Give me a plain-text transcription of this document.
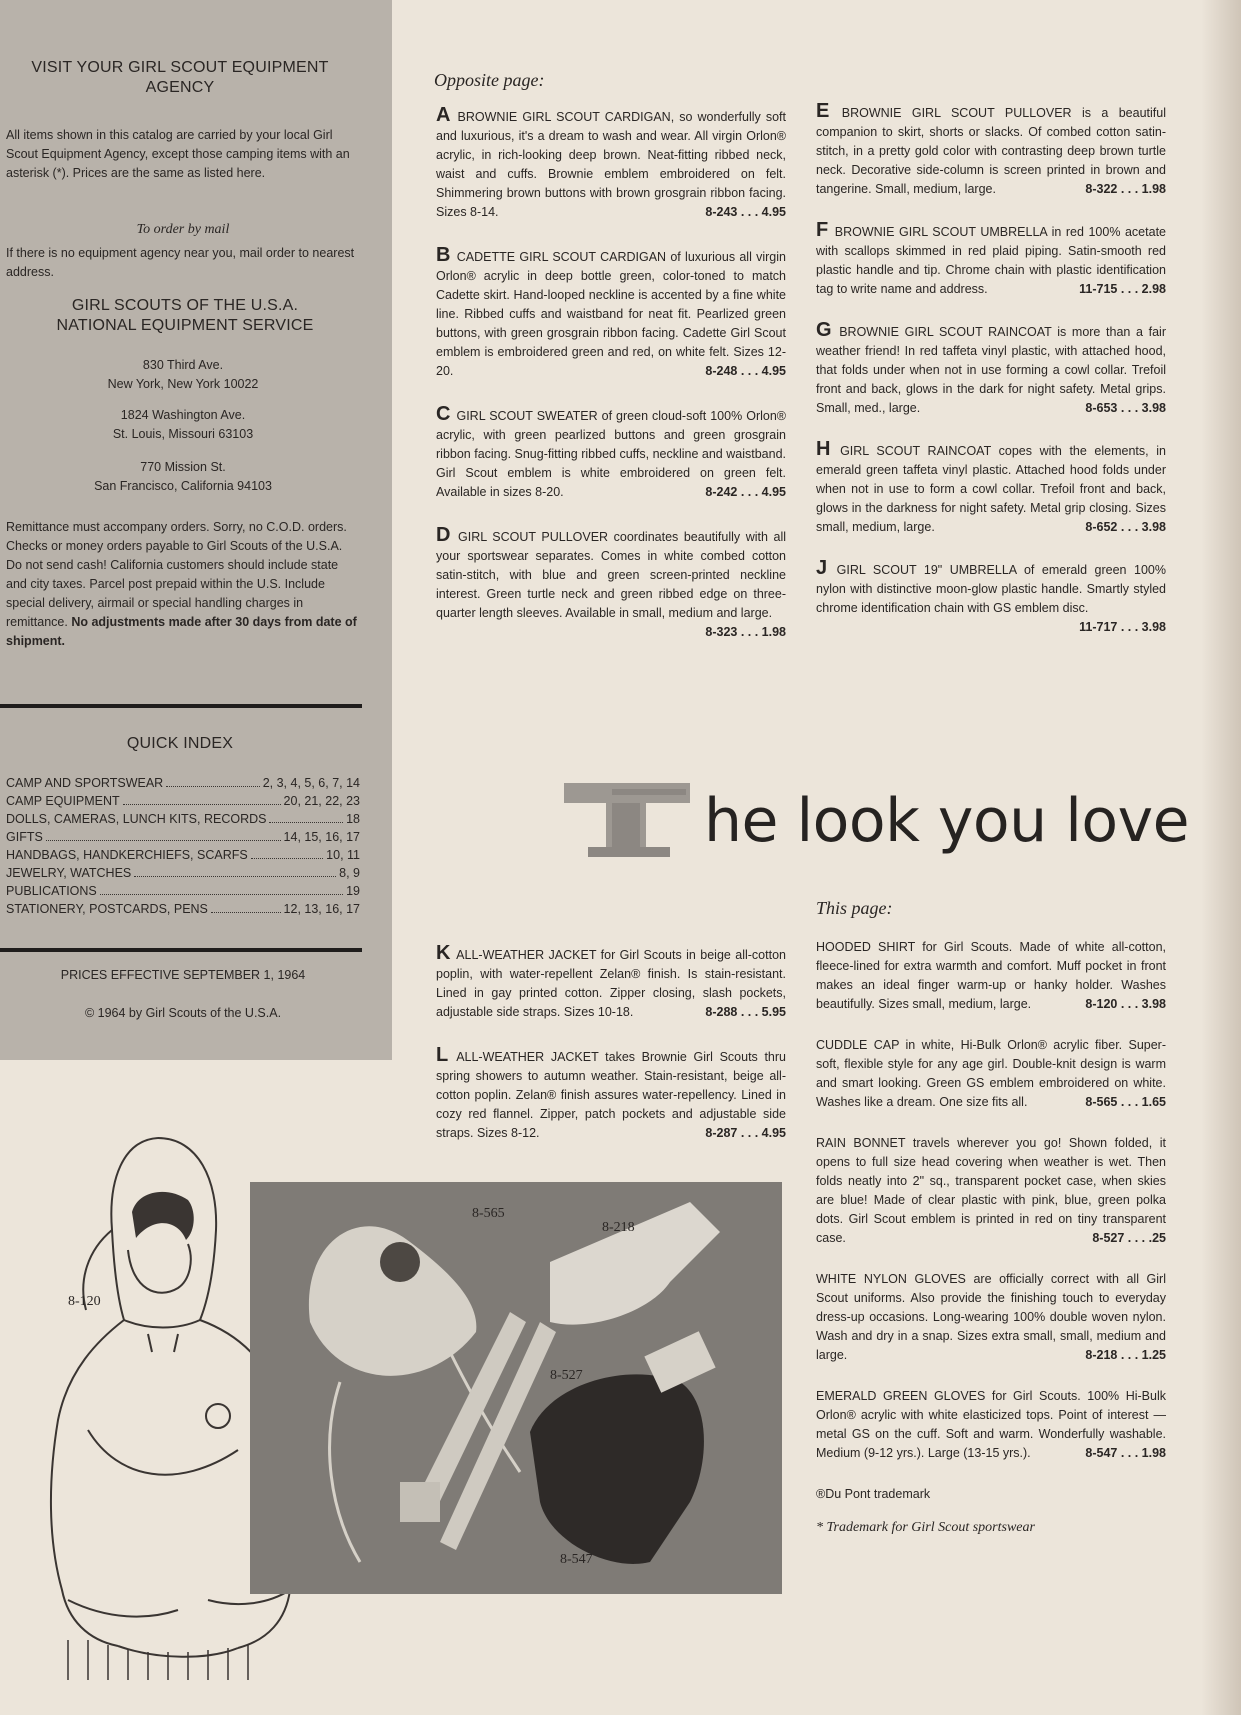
VISIT YOUR GIRL SCOUT EQUIPMENT AGENCY
All items shown in this catalog are carried by your local Girl Scout Equipment Agency, except those camping items with an asterisk (*). Prices are the same as listed here.
To order by mail
If there is no equipment agency near you, mail order to nearest address.
GIRL SCOUTS OF THE U.S.A. NATIONAL EQUIPMENT SERVICE
830 Third Ave.
New York, New York 10022
1824 Washington Ave.
St. Louis, Missouri 63103
770 Mission St.
San Francisco, California 94103
Remittance must accompany orders. Sorry, no C.O.D. orders. Checks or money orders payable to Girl Scouts of the U.S.A. Do not send cash! California customers should include state and city taxes. Parcel post prepaid within the U.S. Include special delivery, airmail or special handling charges in remittance. No adjustments made after 30 days from date of shipment.
QUICK INDEX
CAMP AND SPORTSWEAR	2, 3, 4, 5, 6, 7, 14
CAMP EQUIPMENT	20, 21, 22, 23
DOLLS, CAMERAS, LUNCH KITS, RECORDS	18
GIFTS	14, 15, 16, 17
HANDBAGS, HANDKERCHIEFS, SCARFS	10, 11
JEWELRY, WATCHES	8, 9
PUBLICATIONS	19
STATIONERY, POSTCARDS, PENS	12, 13, 16, 17
PRICES EFFECTIVE SEPTEMBER 1, 1964
© 1964 by Girl Scouts of the U.S.A.
Opposite page:

A BROWNIE GIRL SCOUT CARDIGAN, so wonderfully soft and luxurious, it's a dream to wash and wear. All virgin Orlon® acrylic, in rich-looking deep brown. Neat-fitting ribbed neck, waist and cuffs. Brownie emblem embroidered on felt. Shimmering brown buttons with brown grosgrain ribbon facing. Sizes 8-14.	8-243 . . . 4.95

B CADETTE GIRL SCOUT CARDIGAN of luxurious all virgin Orlon® acrylic in deep bottle green, color-toned to match Cadette skirt. Hand-looped neckline is accented by a fine white line. Ribbed cuffs and waistband for neat fit. Pearlized green buttons, with green grosgrain ribbon facing. Cadette Girl Scout emblem is embroidered green and red, on white felt. Sizes 12-20.	8-248 . . . 4.95

C GIRL SCOUT SWEATER of green cloud-soft 100% Orlon® acrylic, with green pearlized buttons and green grosgrain ribbon facing. Snug-fitting ribbed cuffs, neckline and waistband. Girl Scout emblem is white embroidered on green felt. Available in sizes 8-20.	8-242 . . . 4.95

D GIRL SCOUT PULLOVER coordinates beautifully with all your sportswear separates. Comes in white combed cotton satin-stitch, with blue and green screen-printed neckline interest. Green turtle neck and green ribbed edge on three-quarter length sleeves. Available in small, medium and large.
8-323 . . . 1.98

E BROWNIE GIRL SCOUT PULLOVER is a beautiful companion to skirt, shorts or slacks. Of combed cotton satin-stitch, in a pretty gold color with contrasting deep brown turtle neck. Decorative side-column is screen printed in brown and tangerine. Small, medium, large.	8-322 . . . 1.98

F BROWNIE GIRL SCOUT UMBRELLA in red 100% acetate with scallops skimmed in red plaid piping. Satin-smooth red plastic handle and tip. Chrome chain with plastic identification tag to write name and address.	11-715 . . . 2.98

G BROWNIE GIRL SCOUT RAINCOAT is more than a fair weather friend! In red taffeta vinyl plastic, with attached hood, that folds under when not in use forming a cowl collar. Trefoil front and back, glows in the dark for night safety. Metal grips. Small, med., large.	8-653 . . . 3.98

H GIRL SCOUT RAINCOAT copes with the elements, in emerald green taffeta vinyl plastic. Attached hood folds under when not in use to form a cowl collar. Trefoil front and back, glows in the darkness for night safety. Metal grip closing. Sizes small, medium, large.	8-652 . . . 3.98

J GIRL SCOUT 19" UMBRELLA of emerald green 100% nylon with distinctive moon-glow plastic handle. Smartly styled chrome identification chain with GS emblem disc.
11-717 . . . 3.98

he look you love

K ALL-WEATHER JACKET for Girl Scouts in beige all-cotton poplin, with water-repellent Zelan® finish. Is stain-resistant. Lined in gay printed cotton. Zipper closing, slash pockets, adjustable side straps. Sizes 10-18.	8-288 . . . 5.95

L ALL-WEATHER JACKET takes Brownie Girl Scouts thru spring showers to autumn weather. Stain-resistant, beige all-cotton poplin. Zelan® finish assures water-repellency. Lined in cozy red flannel. Zipper, patch pockets and adjustable side straps. Sizes 8-12.	8-287 . . . 4.95

This page:

HOODED SHIRT for Girl Scouts. Made of white all-cotton, fleece-lined for extra warmth and comfort. Muff pocket in front makes an ideal finger warm-up or hanky holder. Washes beautifully. Sizes small, medium, large.	8-120 . . . 3.98

CUDDLE CAP in white, Hi-Bulk Orlon® acrylic fiber. Super-soft, flexible style for any age girl. Double-knit design is warm and smart looking. Green GS emblem embroidered on white. Washes like a dream. One size fits all.	8-565 . . . 1.65

RAIN BONNET travels wherever you go! Shown folded, it opens to full size head covering when weather is wet. Then folds neatly into 2" sq., transparent pocket case, when skies are blue! Made of clear plastic with pink, blue, green polka dots. Girl Scout emblem is printed in red on tiny transparent case.	8-527 . . . .25

WHITE NYLON GLOVES are officially correct with all Girl Scout uniforms. Also provide the finishing touch to everyday dress-up occasions. Long-wearing 100% double woven nylon. Wash and dry in a snap. Sizes extra small, small, medium and large.	8-218 . . . 1.25

EMERALD GREEN GLOVES for Girl Scouts. 100% Hi-Bulk Orlon® acrylic with white elasticized tops. Point of interest — metal GS on the cuff. Soft and warm. Wonderfully washable. Medium (9-12 yrs.). Large (13-15 yrs.).	8-547 . . . 1.98

®Du Pont trademark
* Trademark for Girl Scout sportswear
8-120
8-565
8-218
8-527
8-547
